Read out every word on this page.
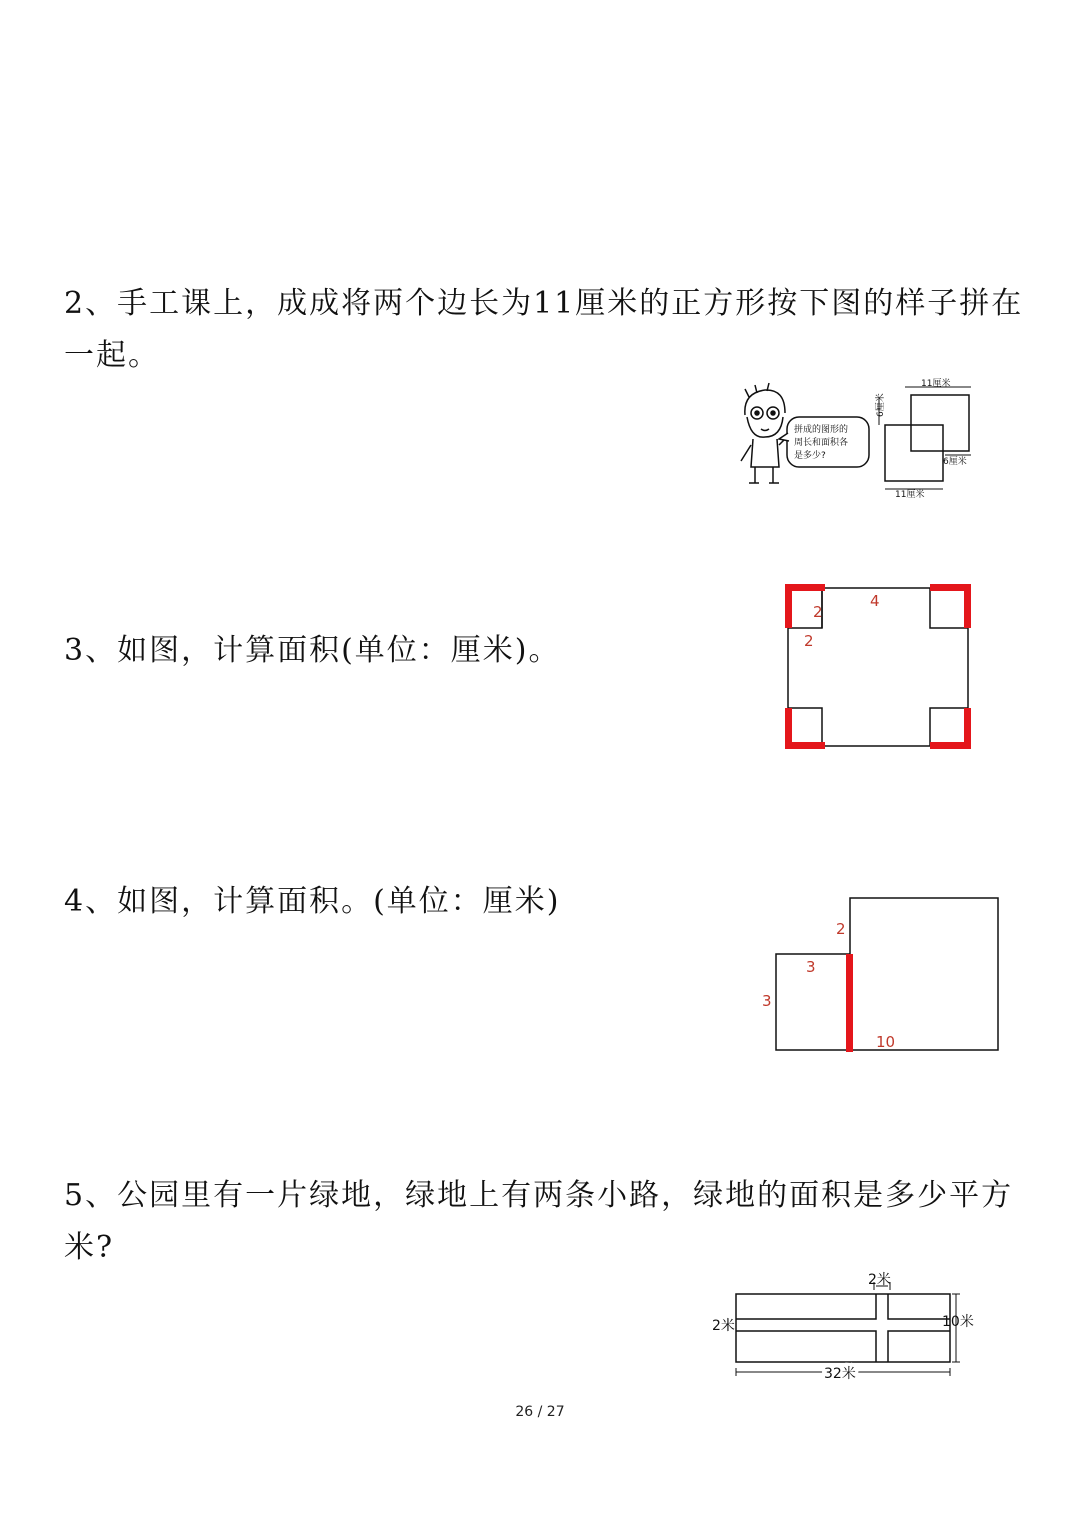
2、手工课上，成成将两个边长为11厘米的正方形按下图的样子拼在一起。
拼成的图形的
周长和面积各
是多少?
11厘米
6厘米
6厘米
11厘米
3、如图，计算面积(单位：厘米)。
4
2
2
4、如图，计算面积。(单位：厘米)
2
3
3
10
5、公园里有一片绿地，绿地上有两条小路，绿地的面积是多少平方米?
2米
2米	10米
32米
26 / 27
